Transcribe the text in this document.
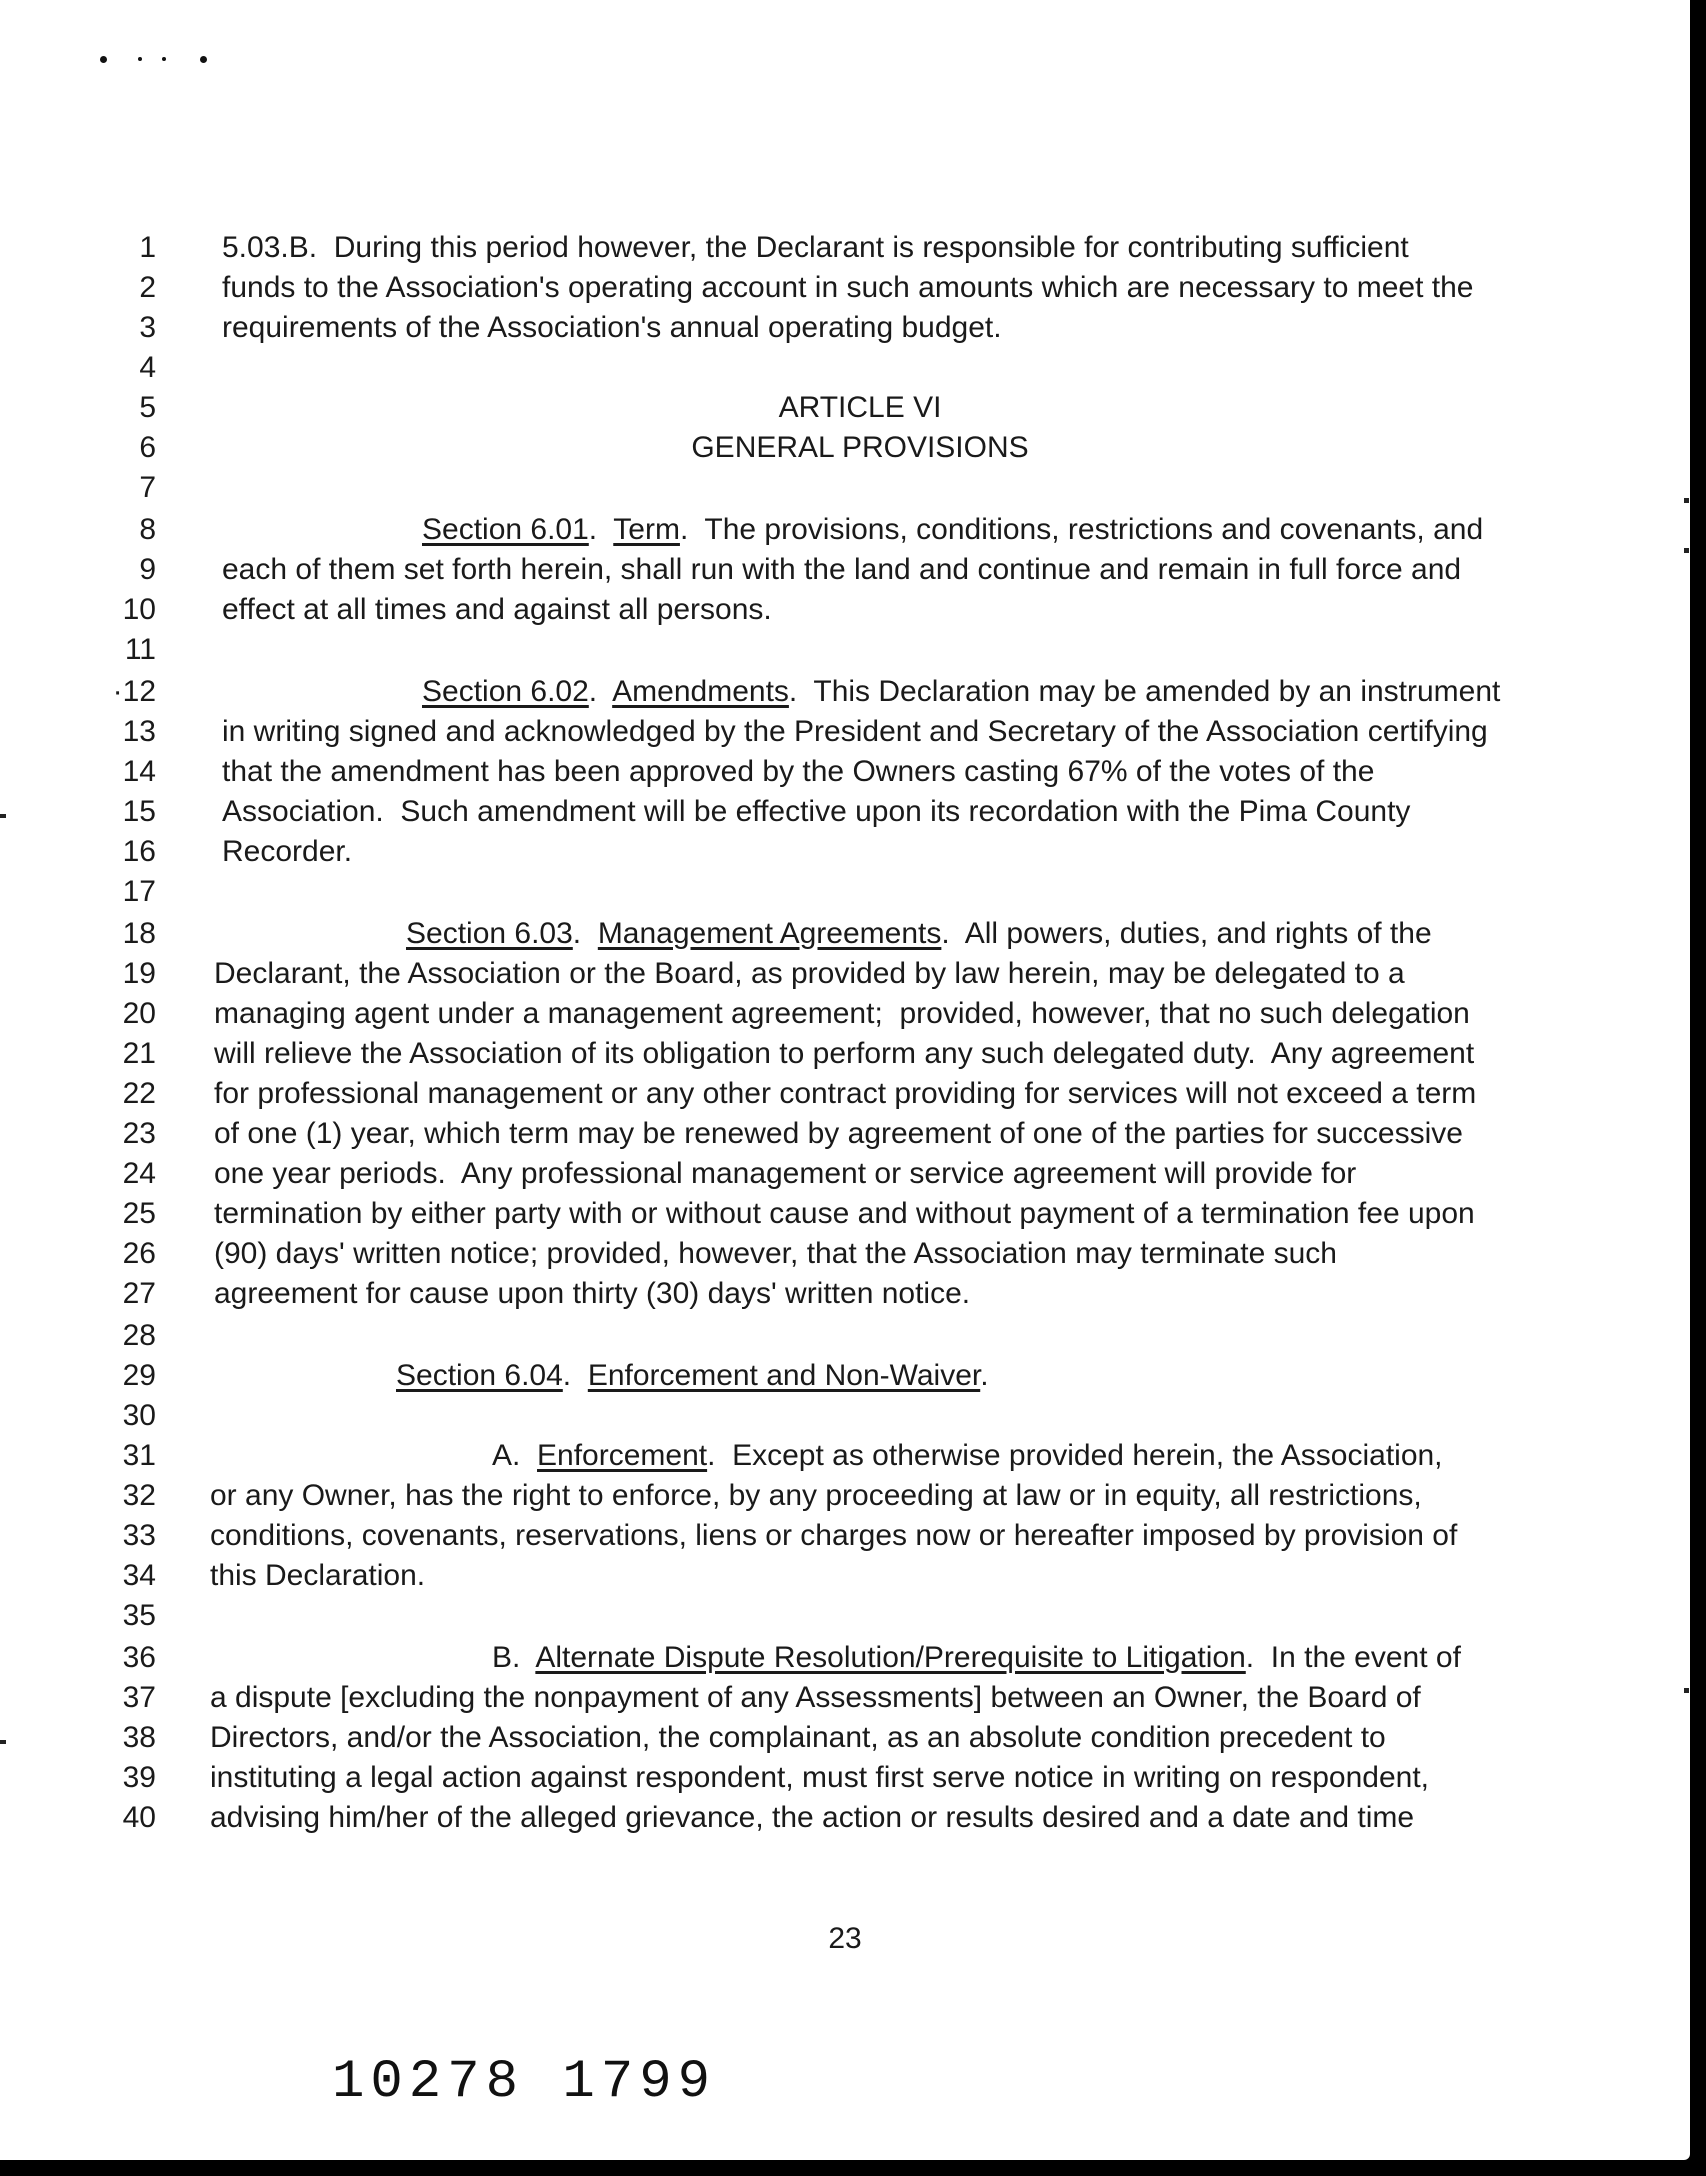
1 5.03.B.  During this period however, the Declarant is responsible for contributing sufficient
2 funds to the Association's operating account in such amounts which are necessary to meet the
3 requirements of the Association's annual operating budget.
4
5	ARTICLE VI
6	GENERAL PROVISIONS
7
8	Section 6.01.  Term.  The provisions, conditions, restrictions and covenants, and
9 each of them set forth herein, shall run with the land and continue and remain in full force and
10 effect at all times and against all persons.
11
·12	Section 6.02.  Amendments.  This Declaration may be amended by an instrument
13 in writing signed and acknowledged by the President and Secretary of the Association certifying
14 that the amendment has been approved by the Owners casting 67% of the votes of the
15 Association.  Such amendment will be effective upon its recordation with the Pima County
16 Recorder.
17
18	Section 6.03.  Management Agreements.  All powers, duties, and rights of the
19 Declarant, the Association or the Board, as provided by law herein, may be delegated to a
20 managing agent under a management agreement;  provided, however, that no such delegation
21 will relieve the Association of its obligation to perform any such delegated duty.  Any agreement
22 for professional management or any other contract providing for services will not exceed a term
23 of one (1) year, which term may be renewed by agreement of one of the parties for successive
24 one year periods.  Any professional management or service agreement will provide for
25 termination by either party with or without cause and without payment of a termination fee upon
26 (90) days' written notice; provided, however, that the Association may terminate such
27 agreement for cause upon thirty (30) days' written notice.
28
29	Section 6.04.  Enforcement and Non-Waiver.
30
31	A.  Enforcement.  Except as otherwise provided herein, the Association,
32 or any Owner, has the right to enforce, by any proceeding at law or in equity, all restrictions,
33 conditions, covenants, reservations, liens or charges now or hereafter imposed by provision of
34 this Declaration.
35
36	B.  Alternate Dispute Resolution/Prerequisite to Litigation.  In the event of
37 a dispute [excluding the nonpayment of any Assessments] between an Owner, the Board of
38 Directors, and/or the Association, the complainant, as an absolute condition precedent to
39 instituting a legal action against respondent, must first serve notice in writing on respondent,
40 advising him/her of the alleged grievance, the action or results desired and a date and time
23
10278 1799
